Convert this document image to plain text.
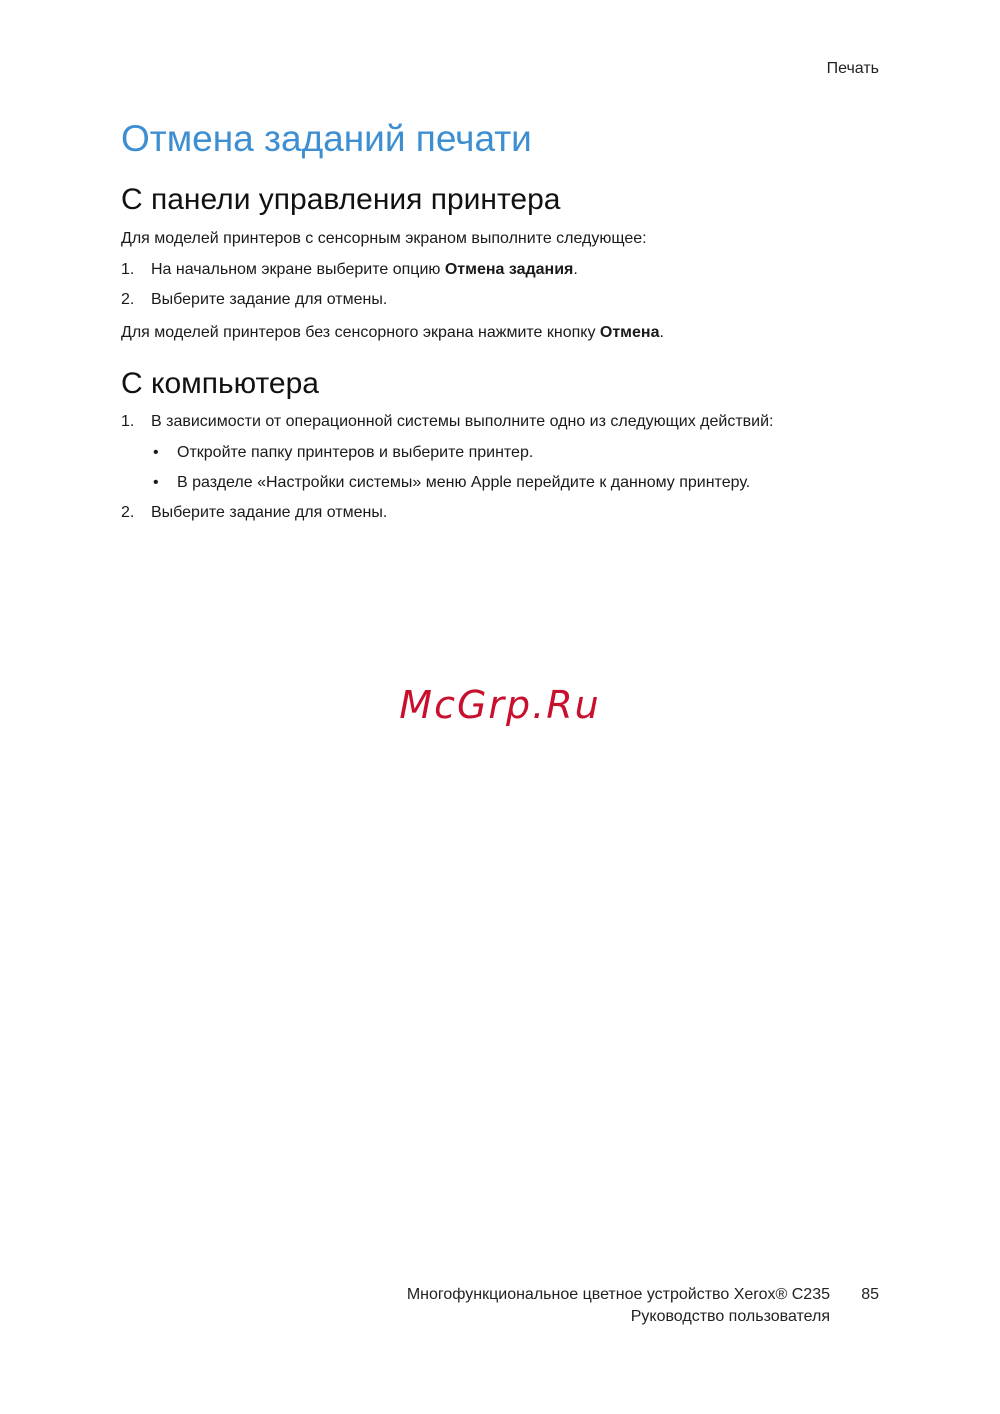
Печать
Отмена заданий печати
С панели управления принтера
Для моделей принтеров с сенсорным экраном выполните следующее:
1. На начальном экране выберите опцию Отмена задания.
2. Выберите задание для отмены.
Для моделей принтеров без сенсорного экрана нажмите кнопку Отмена.
С компьютера
1. В зависимости от операционной системы выполните одно из следующих действий:
• Откройте папку принтеров и выберите принтер.
• В разделе «Настройки системы» меню Apple перейдите к данному принтеру.
2. Выберите задание для отмены.
McGrp.Ru
Многофункциональное цветное устройство Xerox® C235
Руководство пользователя
85
